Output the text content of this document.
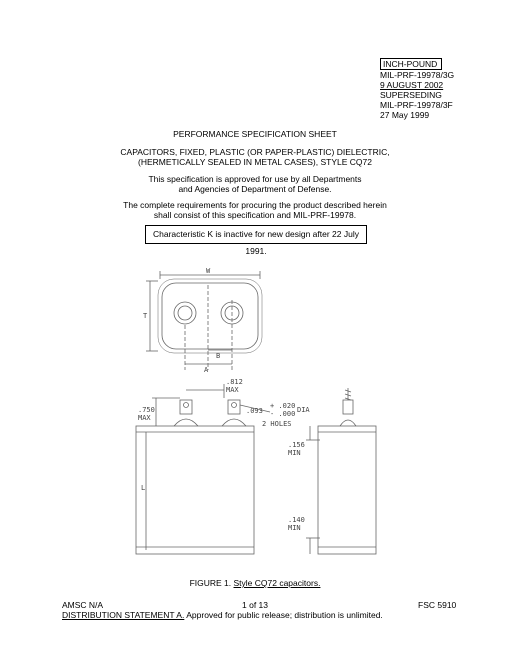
INCH-POUND
MIL-PRF-19978/3G
9 AUGUST 2002
SUPERSEDING
MIL-PRF-19978/3F
27 May 1999
PERFORMANCE SPECIFICATION SHEET
CAPACITORS, FIXED, PLASTIC (OR PAPER-PLASTIC) DIELECTRIC,
(HERMETICALLY SEALED IN METAL CASES), STYLE CQ72
This specification is approved for use by all Departments
and Agencies of Department of Defense.
The complete requirements for procuring the product described herein
shall consist of this specification and MIL-PRF-19978.
Characteristic K is inactive for new design after 22 July 1991.
W
T
A
B
L
.812
MAX
.750
MAX
.093
+ .020
- .000 DIA
2 HOLES
.156
MIN
.140
MIN
FIGURE 1. Style CQ72 capacitors.
AMSC N/A	1 of 13	FSC 5910
DISTRIBUTION STATEMENT A. Approved for public release; distribution is unlimited.
